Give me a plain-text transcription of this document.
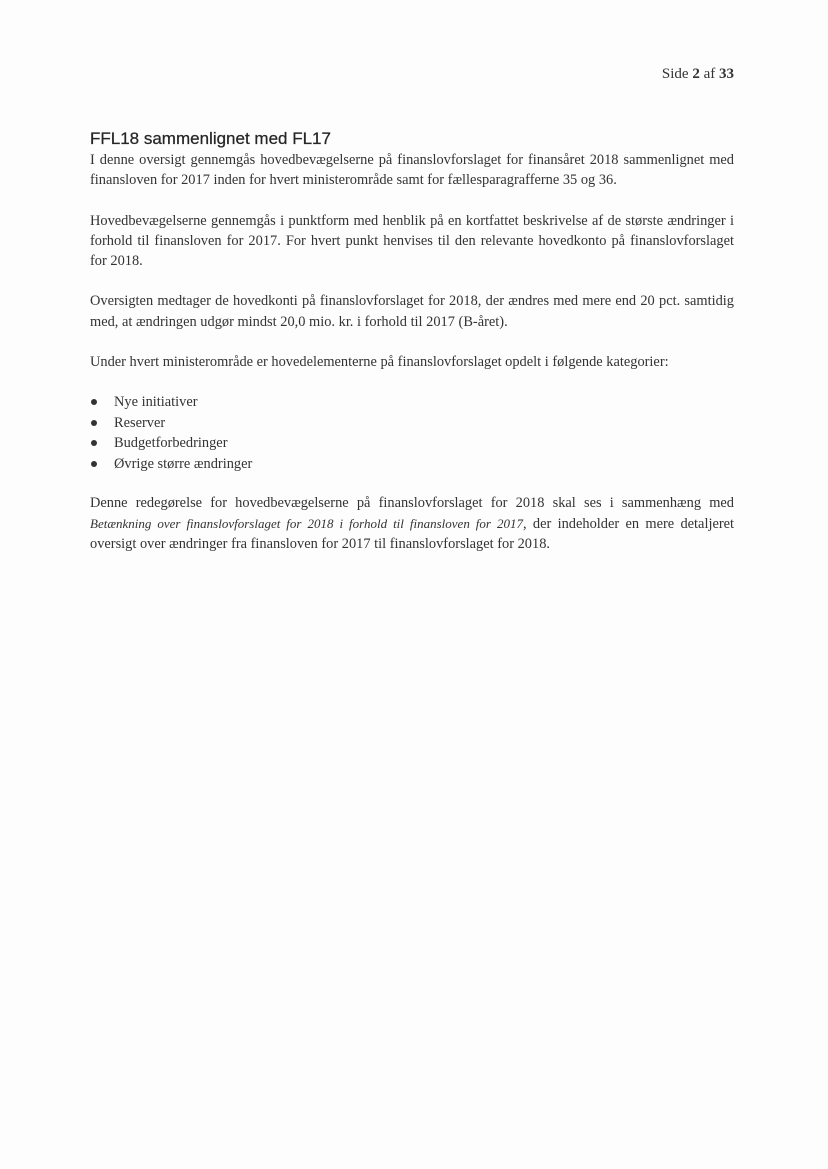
Side 2 af 33
FFL18 sammenlignet med FL17

I denne oversigt gennemgås hovedbevægelserne på finanslovforslaget for finansåret 2018 sammenlignet med finansloven for 2017 inden for hvert ministerområde samt for fællesparagrafferne 35 og 36.

Hovedbevægelserne gennemgås i punktform med henblik på en kortfattet beskrivelse af de største ændringer i forhold til finansloven for 2017. For hvert punkt henvises til den relevante hovedkonto på finanslovforslaget for 2018.

Oversigten medtager de hovedkonti på finanslovforslaget for 2018, der ændres med mere end 20 pct. samtidig med, at ændringen udgør mindst 20,0 mio. kr. i forhold til 2017 (B-året).

Under hvert ministerområde er hovedelementerne på finanslovforslaget opdelt i følgende kategorier:

Nye initiativer
Reserver
Budgetforbedringer
Øvrige større ændringer

Denne redegørelse for hovedbevægelserne på finanslovforslaget for 2018 skal ses i sammenhæng med Betænkning over finanslovforslaget for 2018 i forhold til finansloven for 2017, der indeholder en mere detaljeret oversigt over ændringer fra finansloven for 2017 til finanslovforslaget for 2018.
